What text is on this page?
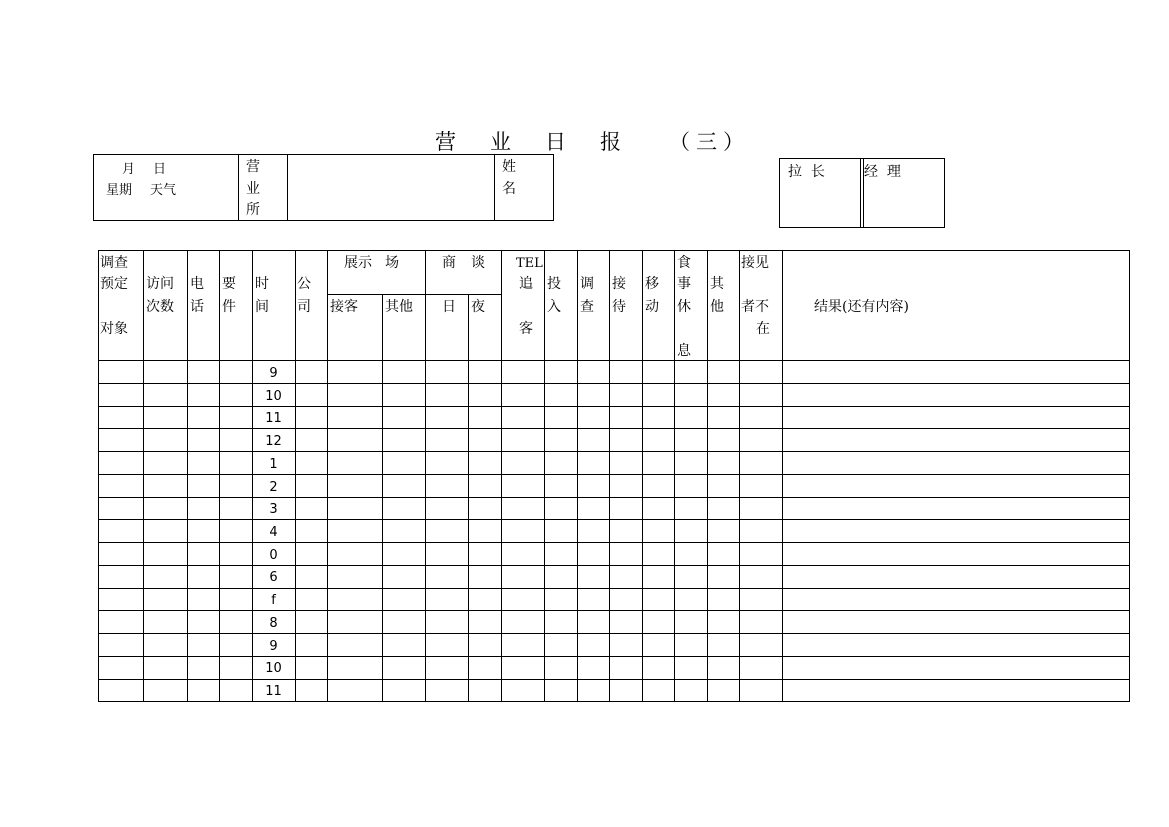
营 业 日 报 （三）
月 日
星期 天气
营
业
所
姓
名
拉  长	经  理
调查
预定
对象
访问
次数
电
话
要
件
时
间
公
司
展示 场
接客 其他
商 谈
日 夜
TEL
追
客
投
入
调
查
接
待
移
动
食
事
休
息
其
他
接见
者不
在
结果(还有内容)
9
10
11
12
1
2
3
4
0
6
f
8
9
10
11
